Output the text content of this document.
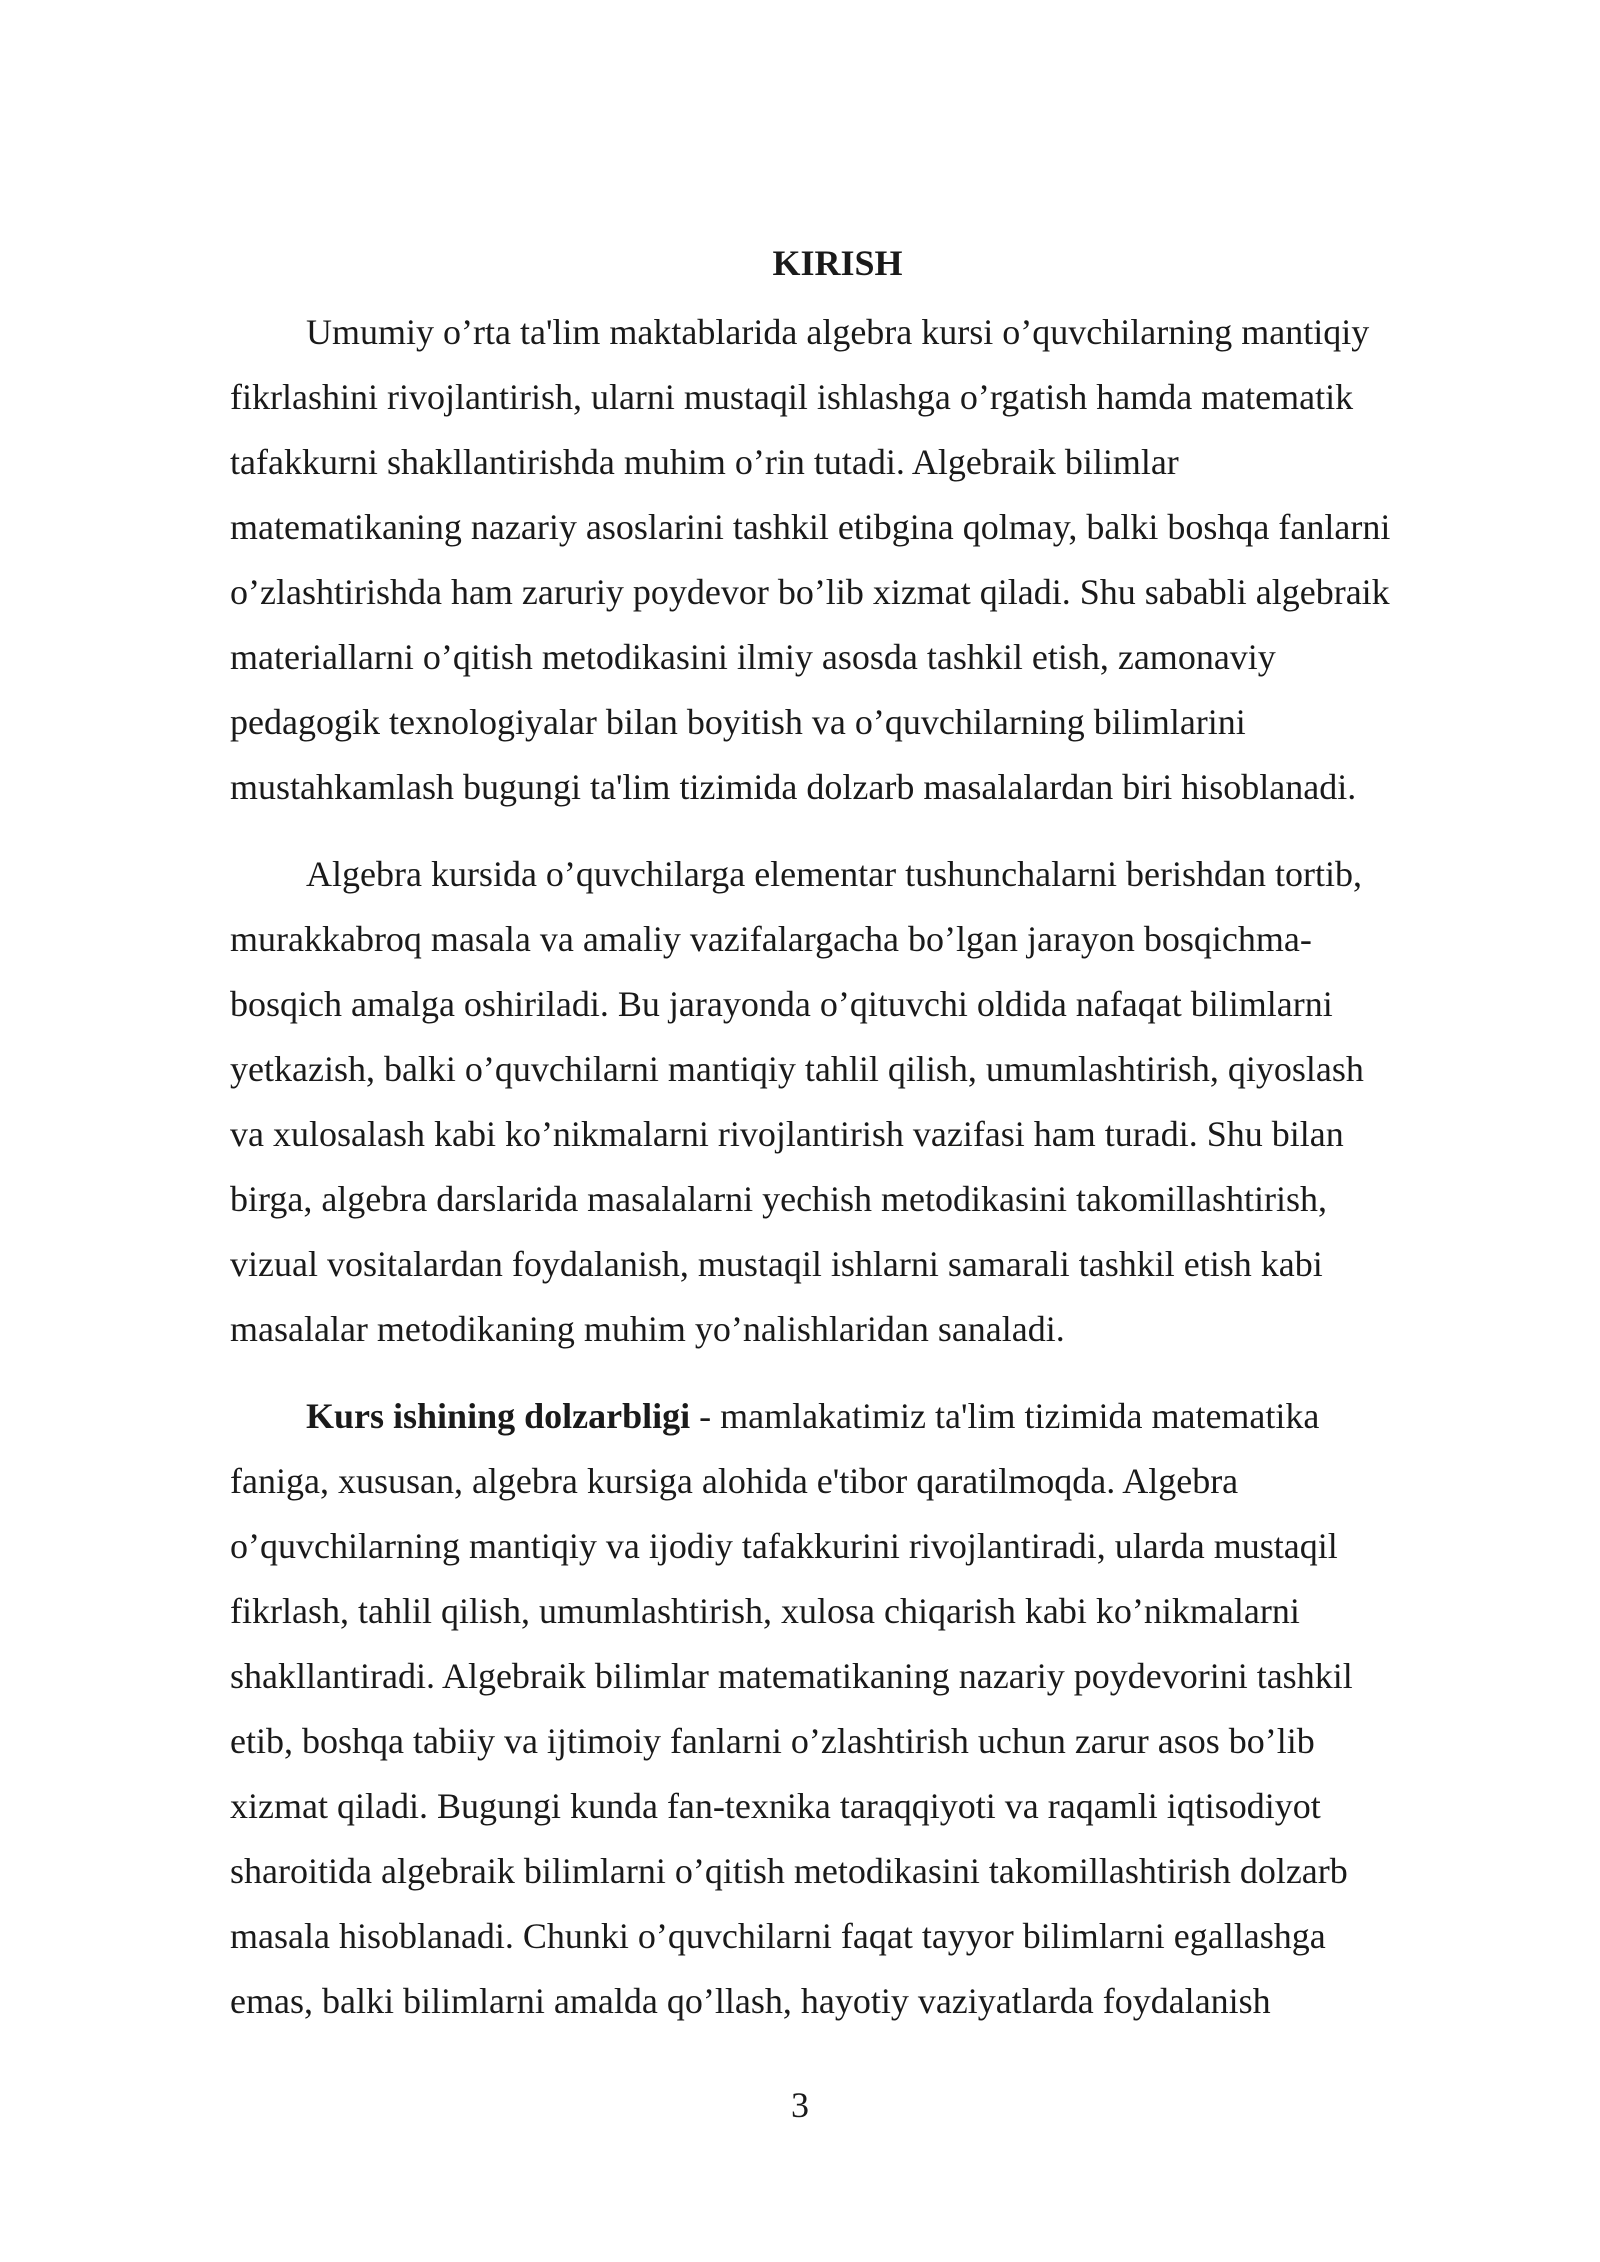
KIRISH
Umumiy o’rta ta'lim maktablarida algebra kursi o’quvchilarning mantiqiy
fikrlashini rivojlantirish, ularni mustaqil ishlashga o’rgatish hamda matematik
tafakkurni shakllantirishda muhim o’rin tutadi. Algebraik bilimlar
matematikaning nazariy asoslarini tashkil etibgina qolmay, balki boshqa fanlarni
o’zlashtirishda ham zaruriy poydevor bo’lib xizmat qiladi. Shu sababli algebraik
materiallarni o’qitish metodikasini ilmiy asosda tashkil etish, zamonaviy
pedagogik texnologiyalar bilan boyitish va o’quvchilarning bilimlarini
mustahkamlash bugungi ta'lim tizimida dolzarb masalalardan biri hisoblanadi.
Algebra kursida o’quvchilarga elementar tushunchalarni berishdan tortib,
murakkabroq masala va amaliy vazifalargacha bo’lgan jarayon bosqichma-
bosqich amalga oshiriladi. Bu jarayonda o’qituvchi oldida nafaqat bilimlarni
yetkazish, balki o’quvchilarni mantiqiy tahlil qilish, umumlashtirish, qiyoslash
va xulosalash kabi ko’nikmalarni rivojlantirish vazifasi ham turadi. Shu bilan
birga, algebra darslarida masalalarni yechish metodikasini takomillashtirish,
vizual vositalardan foydalanish, mustaqil ishlarni samarali tashkil etish kabi
masalalar metodikaning muhim yo’nalishlaridan sanaladi.
Kurs ishining dolzarbligi - mamlakatimiz ta'lim tizimida matematika
faniga, xususan, algebra kursiga alohida e'tibor qaratilmoqda. Algebra
o’quvchilarning mantiqiy va ijodiy tafakkurini rivojlantiradi, ularda mustaqil
fikrlash, tahlil qilish, umumlashtirish, xulosa chiqarish kabi ko’nikmalarni
shakllantiradi. Algebraik bilimlar matematikaning nazariy poydevorini tashkil
etib, boshqa tabiiy va ijtimoiy fanlarni o’zlashtirish uchun zarur asos bo’lib
xizmat qiladi. Bugungi kunda fan-texnika taraqqiyoti va raqamli iqtisodiyot
sharoitida algebraik bilimlarni o’qitish metodikasini takomillashtirish dolzarb
masala hisoblanadi. Chunki o’quvchilarni faqat tayyor bilimlarni egallashga
emas, balki bilimlarni amalda qo’llash, hayotiy vaziyatlarda foydalanish
3
